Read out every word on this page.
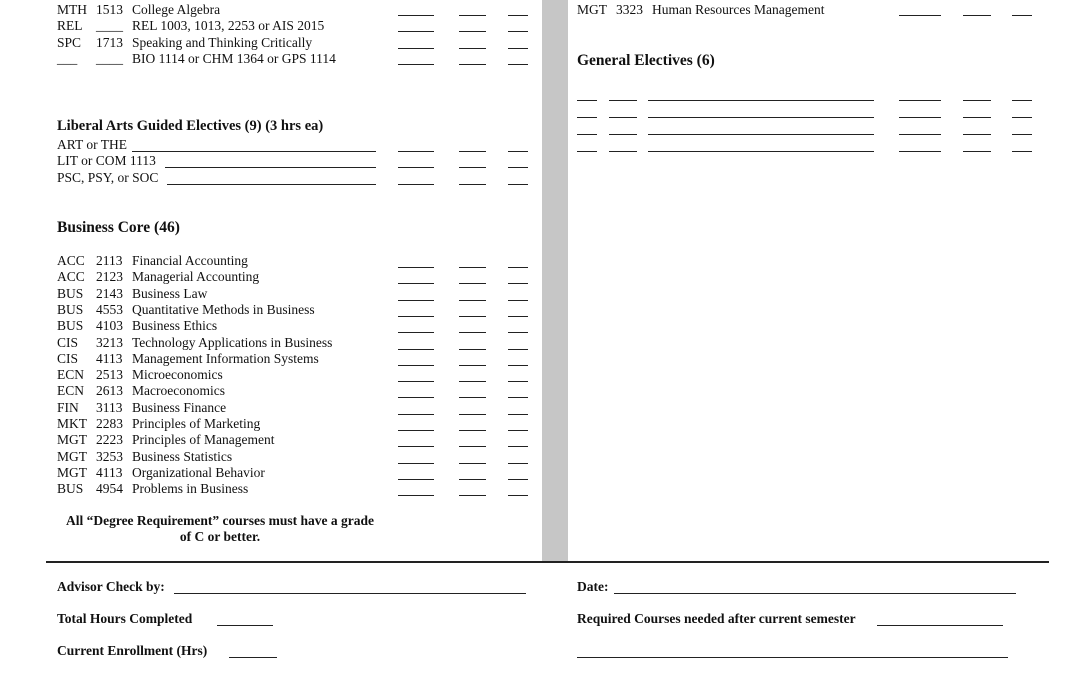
Liberal Arts Guided Electives (9) (3 hrs ea)
Business Core (46)
All “Degree Requirement” courses must have a grade of C or better.
General Electives (6)
Advisor Check by:	Date:
Total Hours Completed	Required Courses needed after current semester
Current Enrollment (Hrs)
MTH 1513 College Algebra
REL ____ REL 1003, 1013, 2253 or AIS 2015
SPC 1713 Speaking and Thinking Critically
___ ____ BIO 1114 or CHM 1364 or GPS 1114
ART or THE
LIT or COM 1113
PSC, PSY, or SOC
ACC 2113 Financial Accounting
ACC 2123 Managerial Accounting
BUS 2143 Business Law
BUS 4553 Quantitative Methods in Business
BUS 4103 Business Ethics
CIS 3213 Technology Applications in Business
CIS 4113 Management Information Systems
ECN 2513 Microeconomics
ECN 2613 Macroeconomics
FIN 3113 Business Finance
MKT 2283 Principles of Marketing
MGT 2223 Principles of Management
MGT 3253 Business Statistics
MGT 4113 Organizational Behavior
BUS 4954 Problems in Business
MGT 3323 Human Resources Management
